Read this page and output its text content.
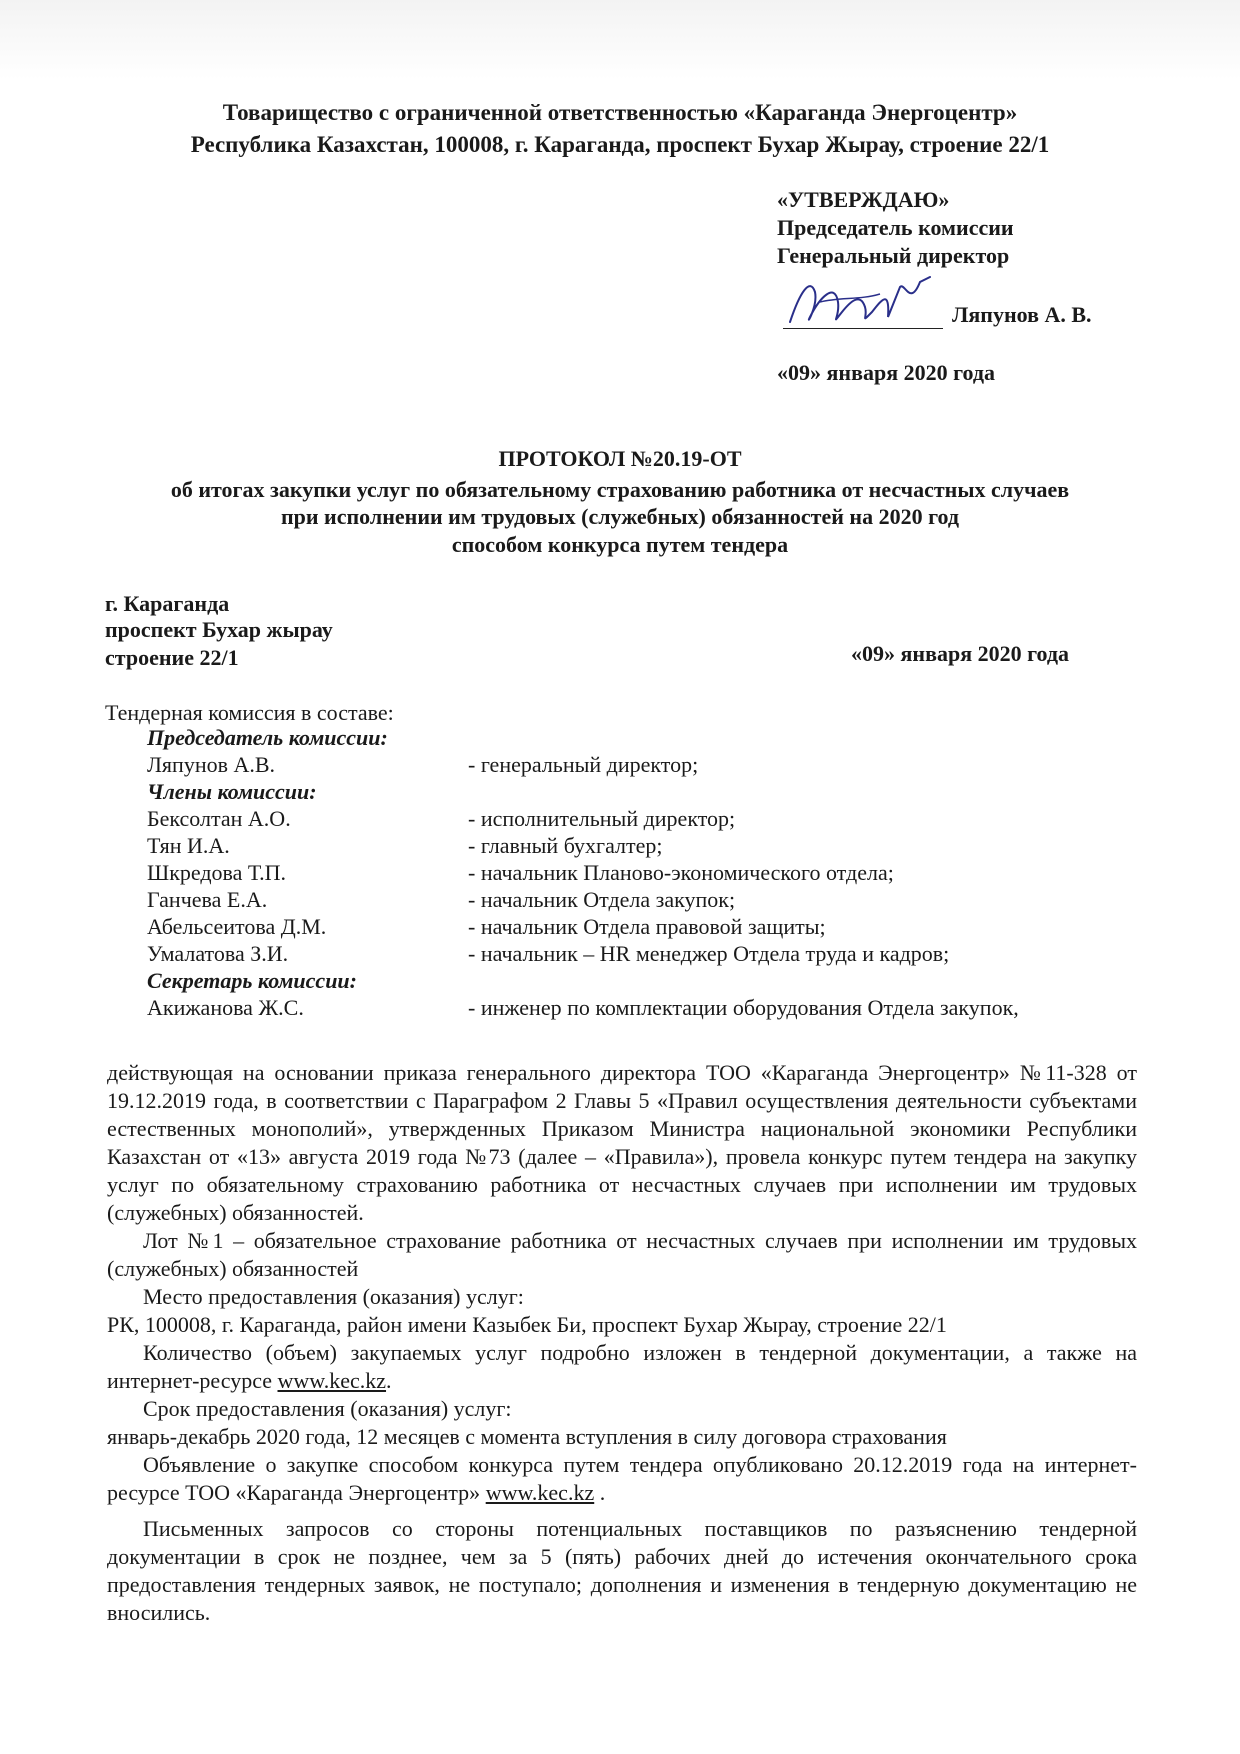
Товарищество с ограниченной ответственностью «Караганда Энергоцентр»
Республика Казахстан, 100008, г. Караганда, проспект Бухар Жырау, строение 22/1
«УТВЕРЖДАЮ»
Председатель комиссии
Генеральный директор
Ляпунов А. В.
«09» января 2020 года
ПРОТОКОЛ №20.19-ОТ
об итогах закупки услуг по обязательному страхованию работника от несчастных случаев
при исполнении им трудовых (служебных) обязанностей на 2020 год
способом конкурса путем тендера
г. Караганда
проспект Бухар жырау
строение 22/1	«09» января 2020 года
Тендерная комиссия в составе:
Председатель комиссии:
Ляпунов А.В.	- генеральный директор;
Члены комиссии:
Бексолтан А.О.	- исполнительный директор;
Тян И.А.	- главный бухгалтер;
Шкредова Т.П.	- начальник Планово-экономического отдела;
Ганчева Е.А.	- начальник Отдела закупок;
Абельсеитова Д.М.	- начальник Отдела правовой защиты;
Умалатова З.И.	- начальник – HR менеджер Отдела труда и кадров;
Секретарь комиссии:
Акижанова Ж.С.	- инженер по комплектации оборудования Отдела закупок,
действующая на основании приказа генерального директора ТОО «Караганда Энергоцентр» №11-328 от 19.12.2019 года, в соответствии с Параграфом 2 Главы 5 «Правил осуществления деятельности субъектами естественных монополий», утвержденных Приказом Министра национальной экономики Республики Казахстан от «13» августа 2019 года №73 (далее – «Правила»), провела конкурс путем тендера на закупку услуг по обязательному страхованию работника от несчастных случаев при исполнении им трудовых (служебных) обязанностей.
Лот №1 – обязательное страхование работника от несчастных случаев при исполнении им трудовых (служебных) обязанностей
Место предоставления (оказания) услуг:
РК, 100008, г. Караганда, район имени Казыбек Би, проспект Бухар Жырау, строение 22/1
Количество (объем) закупаемых услуг подробно изложен в тендерной документации, а также на интернет-ресурсе www.kec.kz.
Срок предоставления (оказания) услуг:
январь-декабрь 2020 года, 12 месяцев с момента вступления в силу договора страхования
Объявление о закупке способом конкурса путем тендера опубликовано 20.12.2019 года на интернет-ресурсе ТОО «Караганда Энергоцентр» www.kec.kz .
Письменных запросов со стороны потенциальных поставщиков по разъяснению тендерной документации в срок не позднее, чем за 5 (пять) рабочих дней до истечения окончательного срока предоставления тендерных заявок, не поступало; дополнения и изменения в тендерную документацию не вносились.
